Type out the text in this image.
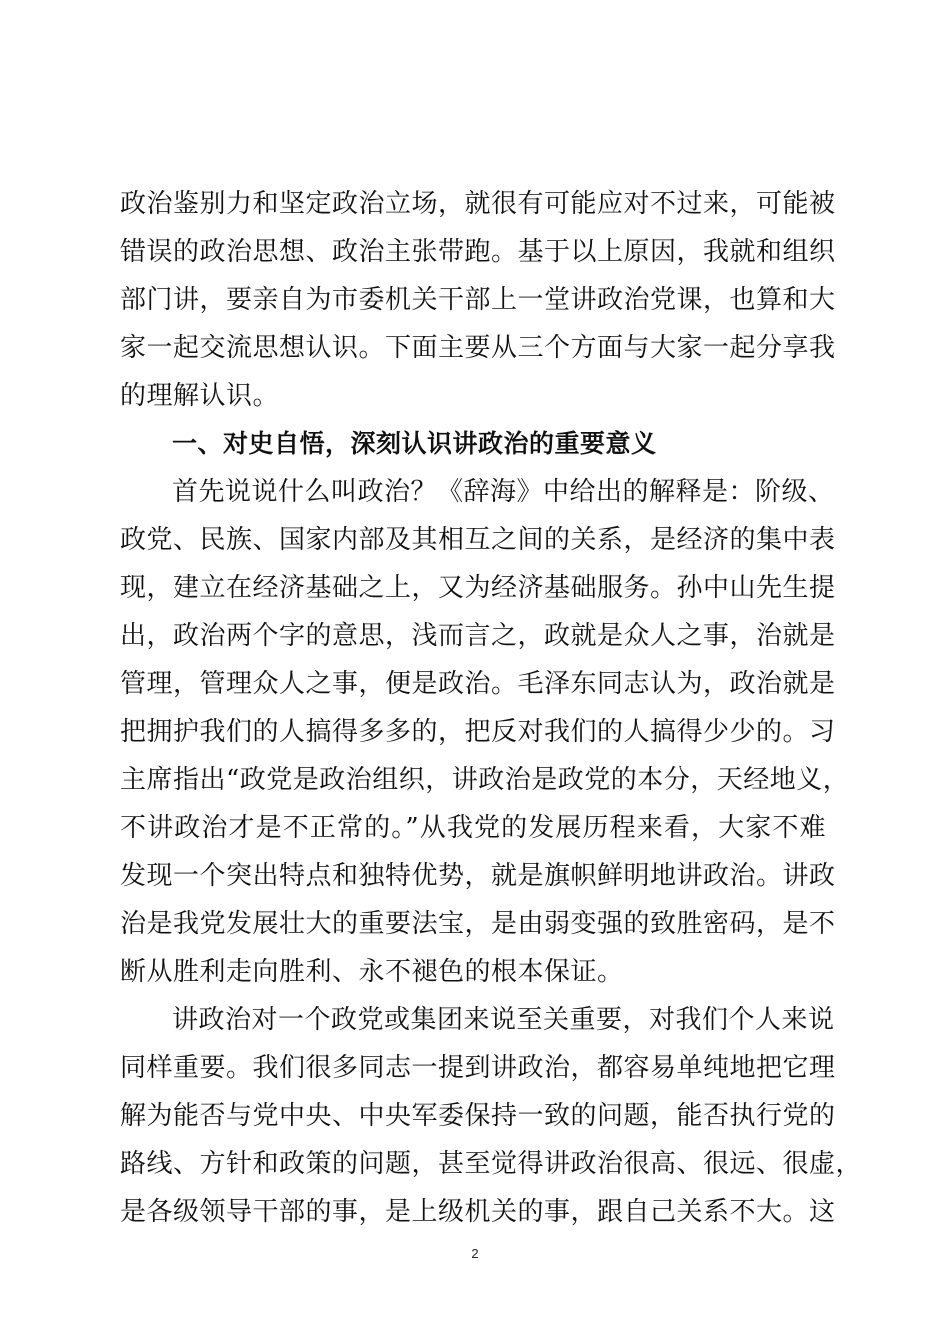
政治鉴别力和坚定政治立场，就很有可能应对不过来，可能被
错误的政治思想、政治主张带跑。基于以上原因，我就和组织
部门讲，要亲自为市委机关干部上一堂讲政治党课，也算和大
家一起交流思想认识。下面主要从三个方面与大家一起分享我
的理解认识。
一、对史自悟，深刻认识讲政治的重要意义
首先说说什么叫政治？《辞海》中给出的解释是：阶级、
政党、民族、国家内部及其相互之间的关系，是经济的集中表
现，建立在经济基础之上，又为经济基础服务。孙中山先生提
出，政治两个字的意思，浅而言之，政就是众人之事，治就是
管理，管理众人之事，便是政治。毛泽东同志认为，政治就是
把拥护我们的人搞得多多的，把反对我们的人搞得少少的。习
主席指出“政党是政治组织，讲政治是政党的本分，天经地义，
不讲政治才是不正常的。”从我党的发展历程来看，大家不难
发现一个突出特点和独特优势，就是旗帜鲜明地讲政治。讲政
治是我党发展壮大的重要法宝，是由弱变强的致胜密码，是不
断从胜利走向胜利、永不褪色的根本保证。
讲政治对一个政党或集团来说至关重要，对我们个人来说
同样重要。我们很多同志一提到讲政治，都容易单纯地把它理
解为能否与党中央、中央军委保持一致的问题，能否执行党的
路线、方针和政策的问题，甚至觉得讲政治很高、很远、很虚，
是各级领导干部的事，是上级机关的事，跟自己关系不大。这
2
